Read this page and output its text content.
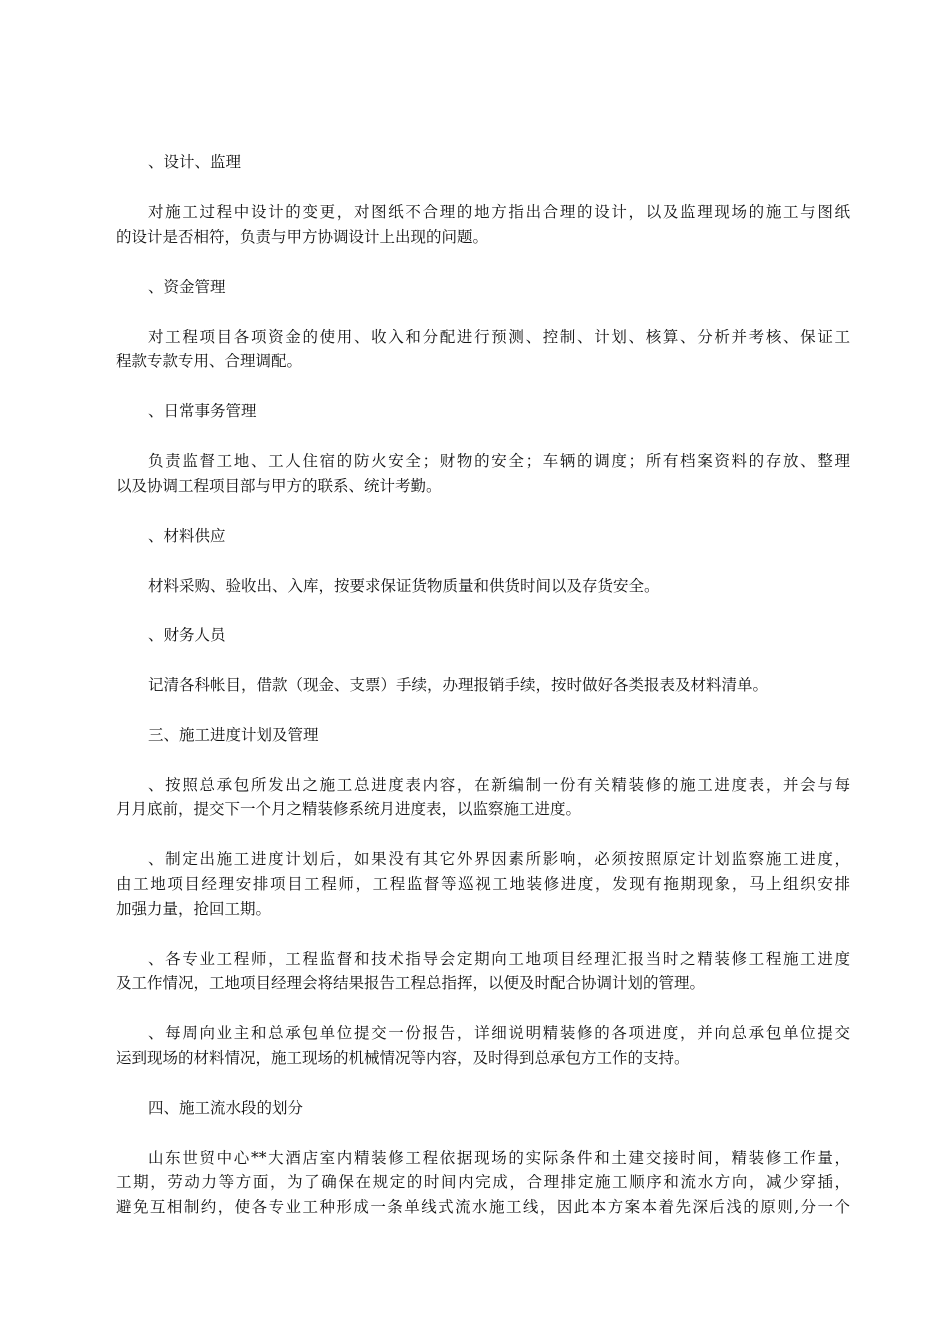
、设计、监理
对施工过程中设计的变更，对图纸不合理的地方指出合理的设计，以及监理现场的施工与图纸
的设计是否相符，负责与甲方协调设计上出现的问题。
、资金管理
对工程项目各项资金的使用、收入和分配进行预测、控制、计划、核算、分析并考核、保证工
程款专款专用、合理调配。
、日常事务管理
负责监督工地、工人住宿的防火安全；财物的安全；车辆的调度；所有档案资料的存放、整理
以及协调工程项目部与甲方的联系、统计考勤。
、材料供应
材料采购、验收出、入库，按要求保证货物质量和供货时间以及存货安全。
、财务人员
记清各科帐目，借款（现金、支票）手续，办理报销手续，按时做好各类报表及材料清单。
三、施工进度计划及管理
、按照总承包所发出之施工总进度表内容，在新编制一份有关精装修的施工进度表，并会与每
月月底前，提交下一个月之精装修系统月进度表，以监察施工进度。
、制定出施工进度计划后，如果没有其它外界因素所影响，必须按照原定计划监察施工进度，
由工地项目经理安排项目工程师，工程监督等巡视工地装修进度，发现有拖期现象，马上组织安排
加强力量，抢回工期。
、各专业工程师，工程监督和技术指导会定期向工地项目经理汇报当时之精装修工程施工进度
及工作情况，工地项目经理会将结果报告工程总指挥，以便及时配合协调计划的管理。
、每周向业主和总承包单位提交一份报告，详细说明精装修的各项进度，并向总承包单位提交
运到现场的材料情况，施工现场的机械情况等内容，及时得到总承包方工作的支持。
四、施工流水段的划分
山东世贸中心**大酒店室内精装修工程依据现场的实际条件和土建交接时间，精装修工作量，
工期，劳动力等方面，为了确保在规定的时间内完成，合理排定施工顺序和流水方向，减少穿插，
避免互相制约，使各专业工种形成一条单线式流水施工线，因此本方案本着先深后浅的原则,分一个
